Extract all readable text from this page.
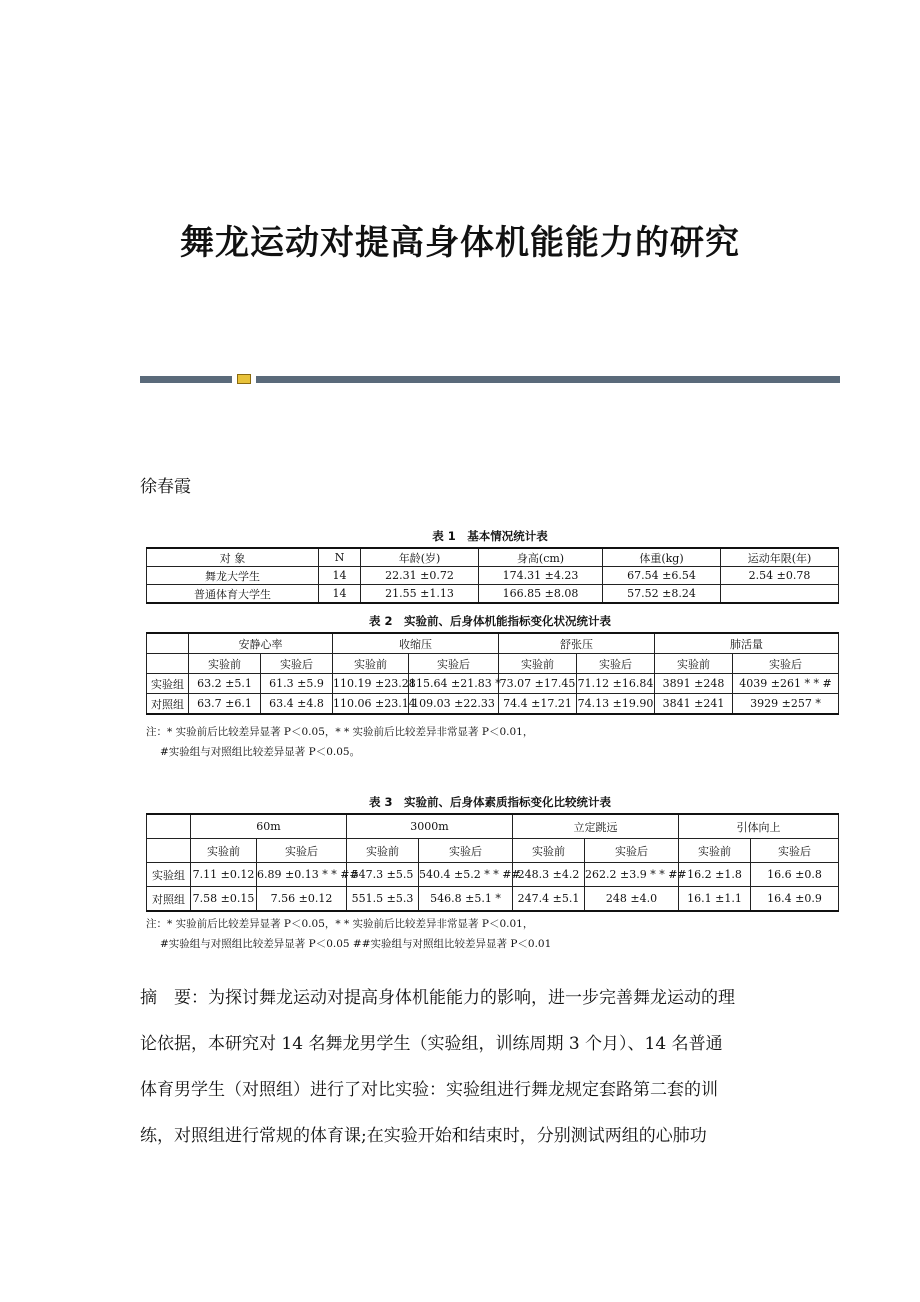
舞龙运动对提高身体机能能力的研究
徐春霞
表 1　基本情况统计表
对 象	N	年龄(岁)	身高(cm)	体重(kg)	运动年限(年)
舞龙大学生	14	22.31 ±0.72	174.31 ±4.23	67.54 ±6.54	2.54 ±0.78
普通体育大学生	14	21.55 ±1.13	166.85 ±8.08	57.52 ±8.24	
表 2　实验前、后身体机能指标变化状况统计表
	安静心率		收缩压		舒张压		肺活量	
	实验前	实验后	实验前	实验后	实验前	实验后	实验前	实验后
实验组	63.2 ±5.1	61.3 ±5.9	110.19 ±23.28	115.64 ±21.83 *	73.07 ±17.45	71.12 ±16.84	3891 ±248	4039 ±261 * * #
对照组	63.7 ±6.1	63.4 ±4.8	110.06 ±23.14	109.03 ±22.33	74.4 ±17.21	74.13 ±19.90	3841 ±241	3929 ±257 *
注：* 实验前后比较差异显著 P＜0.05，* * 实验前后比较差异非常显著 P＜0.01，
#实验组与对照组比较差异显著 P＜0.05。
表 3　实验前、后身体素质指标变化比较统计表
	60m		3000m		立定跳远		引体向上	
	实验前	实验后	实验前	实验后	实验前	实验后	实验前	实验后
实验组	7.11 ±0.12	6.89 ±0.13 * * ##	547.3 ±5.5	540.4 ±5.2 * * ##	248.3 ±4.2	262.2 ±3.9 * * ##	16.2 ±1.8	16.6 ±0.8
对照组	7.58 ±0.15	7.56 ±0.12	551.5 ±5.3	546.8 ±5.1 *	247.4 ±5.1	248 ±4.0	16.1 ±1.1	16.4 ±0.9
注：* 实验前后比较差异显著 P＜0.05，* * 实验前后比较差异非常显著 P＜0.01，
#实验组与对照组比较差异显著 P＜0.05 ##实验组与对照组比较差异显著 P＜0.01
摘　要：为探讨舞龙运动对提高身体机能能力的影响，进一步完善舞龙运动的理
论依据，本研究对 14 名舞龙男学生（实验组，训练周期 3 个月）、14 名普通
体育男学生（对照组）进行了对比实验：实验组进行舞龙规定套路第二套的训
练，对照组进行常规的体育课;在实验开始和结束时，分别测试两组的心肺功
